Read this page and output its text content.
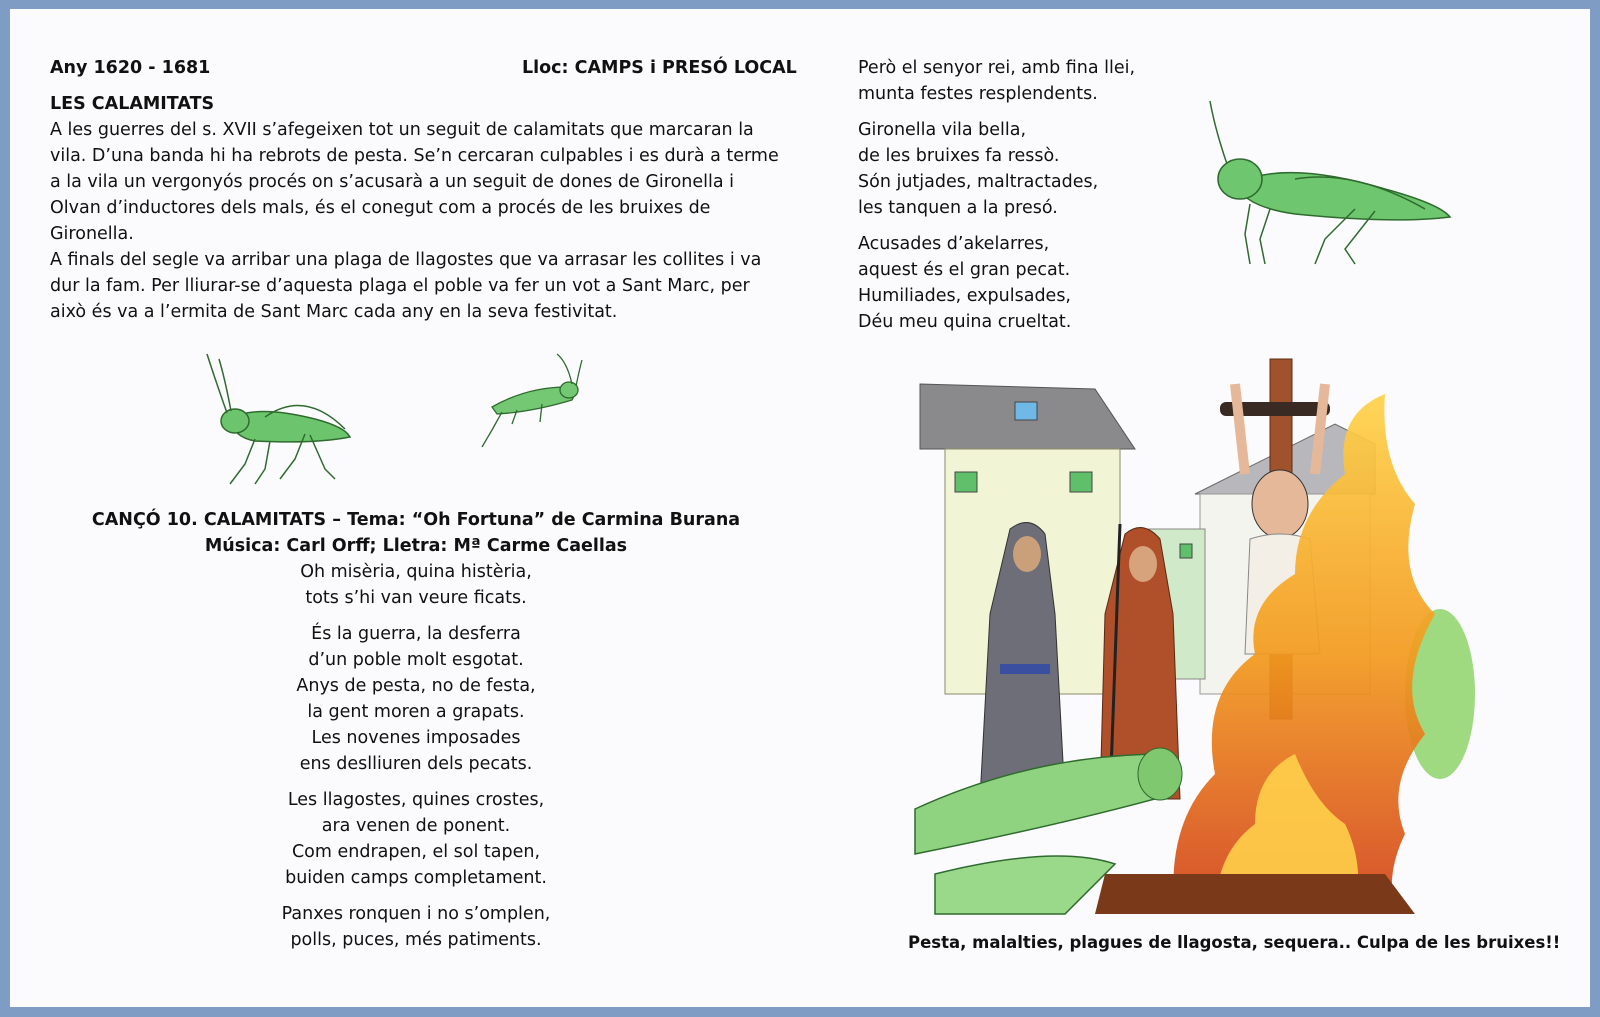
Any 1620 - 1681	Lloc: CAMPS i PRESÓ LOCAL
LES CALAMITATS

A les guerres del s. XVII s’afegeixen tot un seguit de calamitats que marcaran la vila. D’una banda hi ha rebrots de pesta. Se’n cercaran culpables i es durà a terme a la vila un vergonyós procés on s’acusarà a un seguit de dones de Gironella i Olvan d’inductores dels mals, és el conegut com a procés de les bruixes de Gironella.

A finals del segle va arribar una plaga de llagostes que va arrasar les collites i va dur la fam. Per lliurar-se d’aquesta plaga el poble va fer un vot a Sant Marc, per això és va a l’ermita de Sant Marc cada any en la seva festivitat.

CANÇÓ 10. CALAMITATS – Tema: “Oh Fortuna” de Carmina Burana
Música: Carl Orff; Lletra: Mª Carme Caellas
Oh misèria, quina histèria,
tots s’hi van veure ficats.
És la guerra, la desferra
d’un poble molt esgotat.
Anys de pesta, no de festa,
la gent moren a grapats.
Les novenes imposades
ens deslliuren dels pecats.
Les llagostes, quines crostes,
ara venen de ponent.
Com endrapen, el sol tapen,
buiden camps completament.
Panxes ronquen i no s’omplen,
polls, puces, més patiments.
Però el senyor rei, amb fina llei,
munta festes resplendents.
Gironella vila bella,
de les bruixes fa ressò.
Són jutjades, maltractades,
les tanquen a la presó.
Acusades d’akelarres,
aquest és el gran pecat.
Humiliades, expulsades,
Déu meu quina crueltat.
Pesta, malalties, plagues de llagosta, sequera.. Culpa de les bruixes!!
